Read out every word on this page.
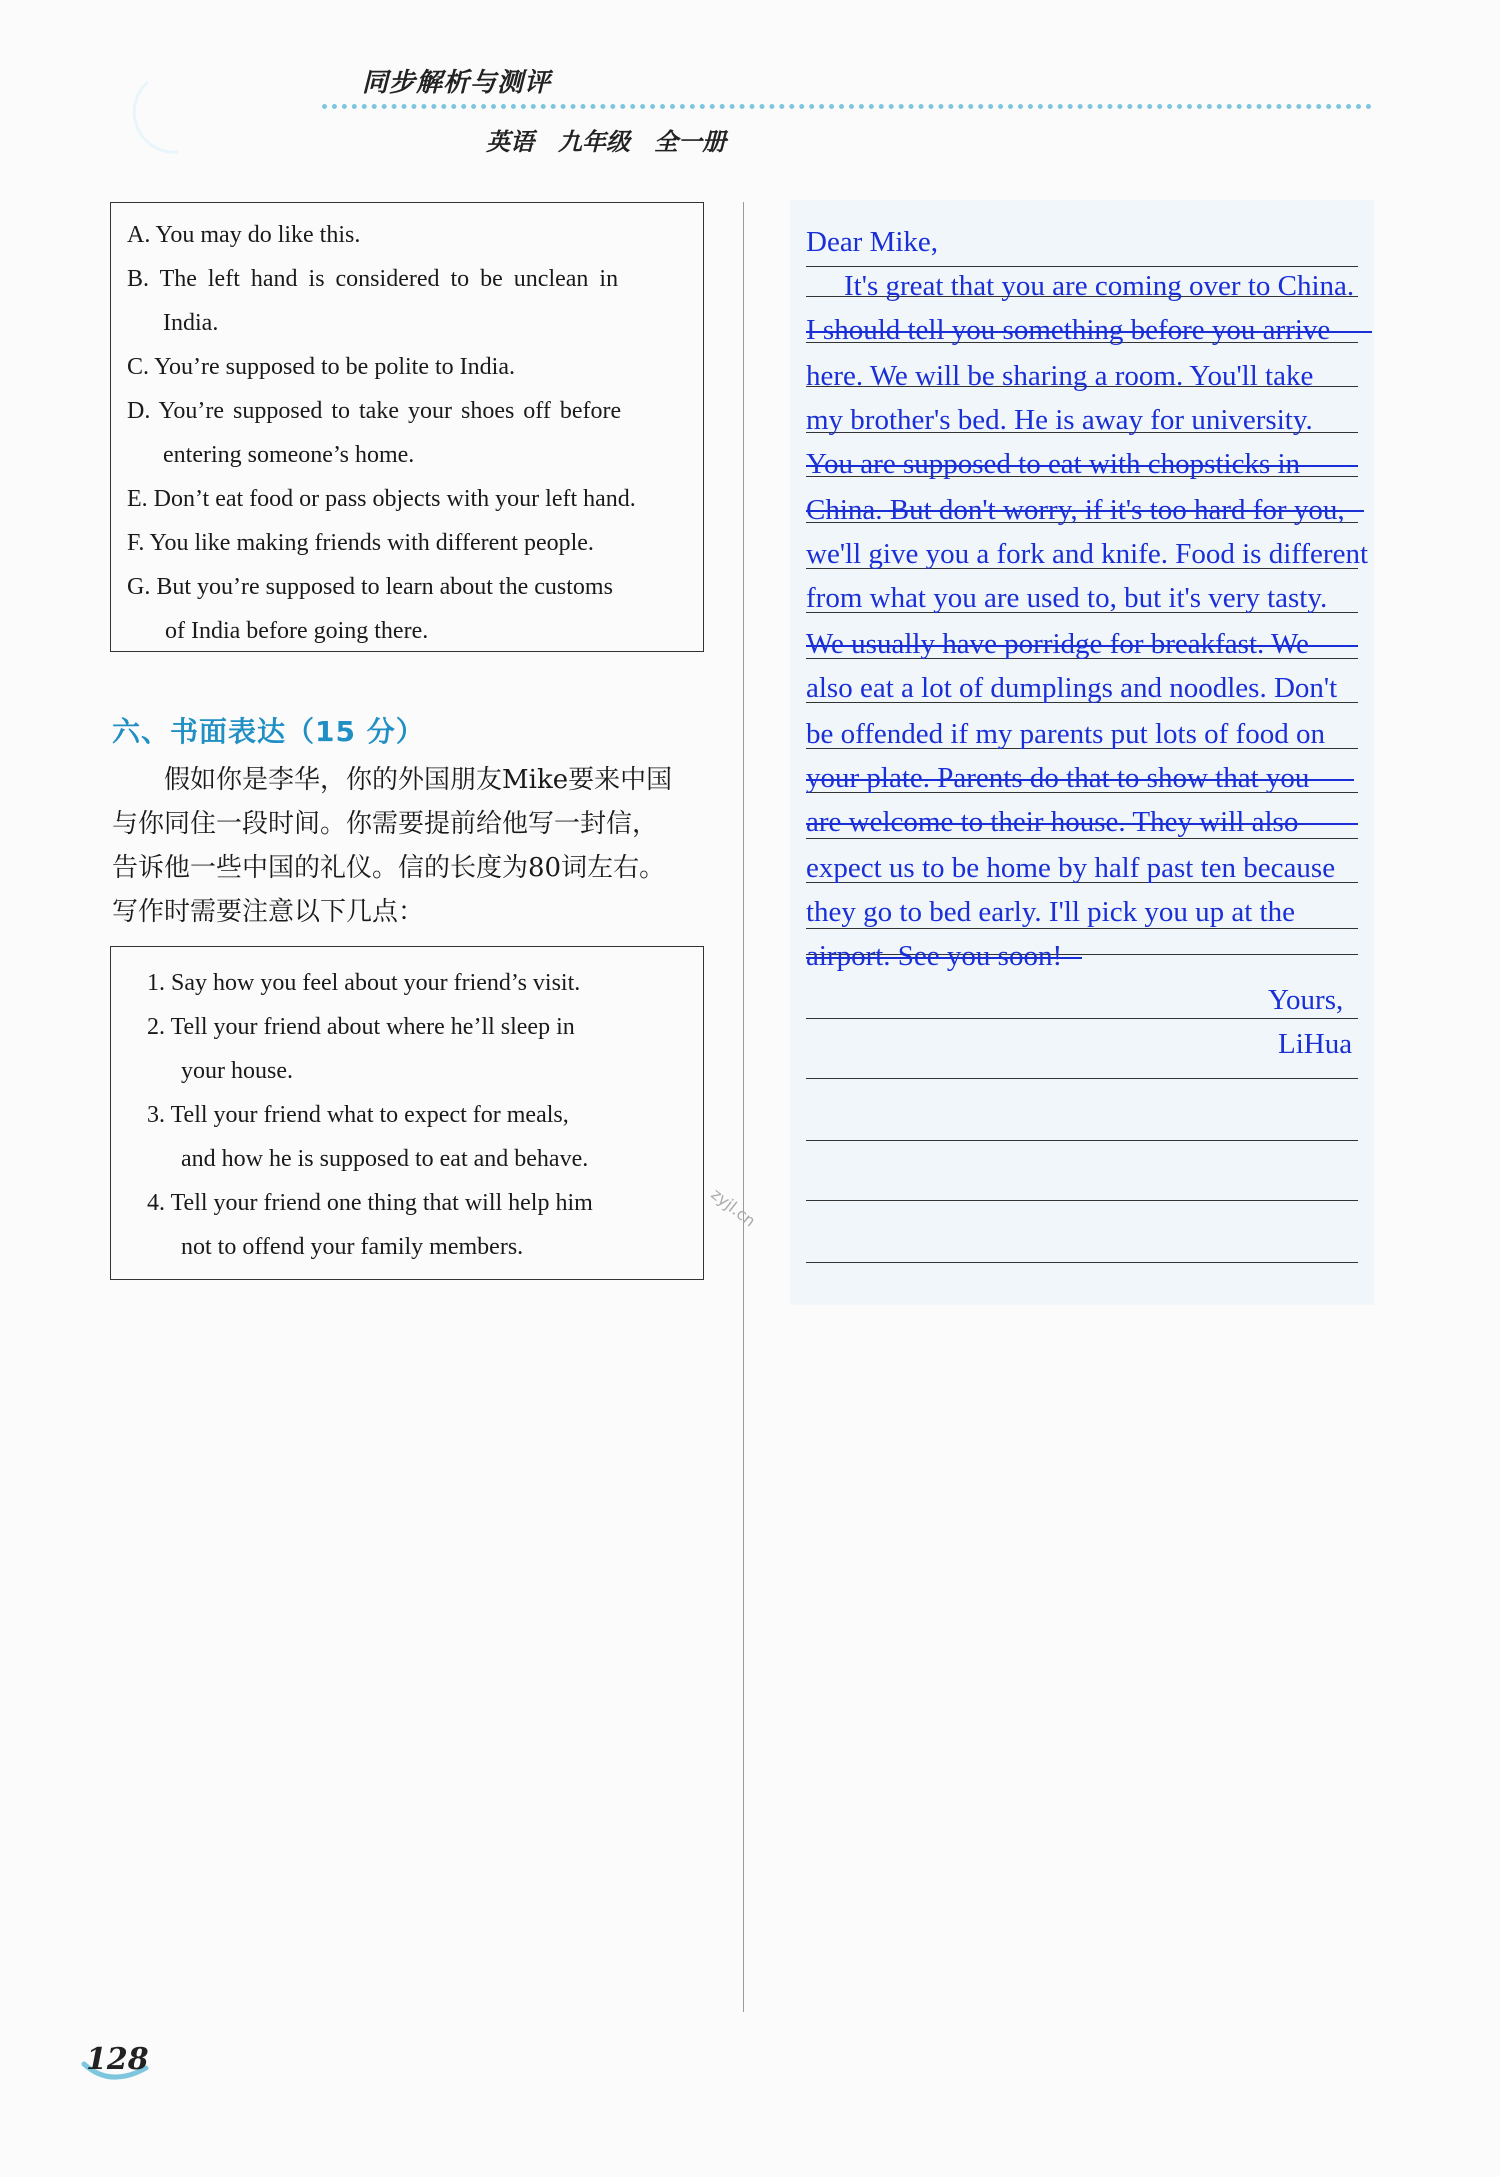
同步解析与测评
英语　九年级　全一册
A. You may do like this.
B. The left hand is considered to be unclean in
India.
C. You’re supposed to be polite to India.
D. You’re supposed to take your shoes off before
entering someone’s home.
E. Don’t eat food or pass objects with your left hand.
F. You like making friends with different people.
G. But you’re supposed to learn about the customs
of India before going there.
六、书面表达（15 分）
假如你是李华，你的外国朋友Mike要来中国
与你同住一段时间。你需要提前给他写一封信，
告诉他一些中国的礼仪。信的长度为80词左右。
写作时需要注意以下几点：
1. Say how you feel about your friend’s visit.
2. Tell your friend about where he’ll sleep in
your house.
3. Tell your friend what to expect for meals,
and how he is supposed to eat and behave.
4. Tell your friend one thing that will help him
not to offend your family members.
zyjl.cn
Dear Mike,
It's great that you are coming over to China.
I should tell you something before you arrive
here. We will be sharing a room. You'll take
my brother's bed. He is away for university.
You are supposed to eat with chopsticks in
China. But don't worry, if it's too hard for you,
we'll give you a fork and knife. Food is different
from what you are used to, but it's very tasty.
We usually have porridge for breakfast. We
also eat a lot of dumplings and noodles. Don't
be offended if my parents put lots of food on
your plate. Parents do that to show that you
are welcome to their house. They will also
expect us to be home by half past ten because
they go to bed early. I'll pick you up at the
airport. See you soon!
Yours,
LiHua
128
